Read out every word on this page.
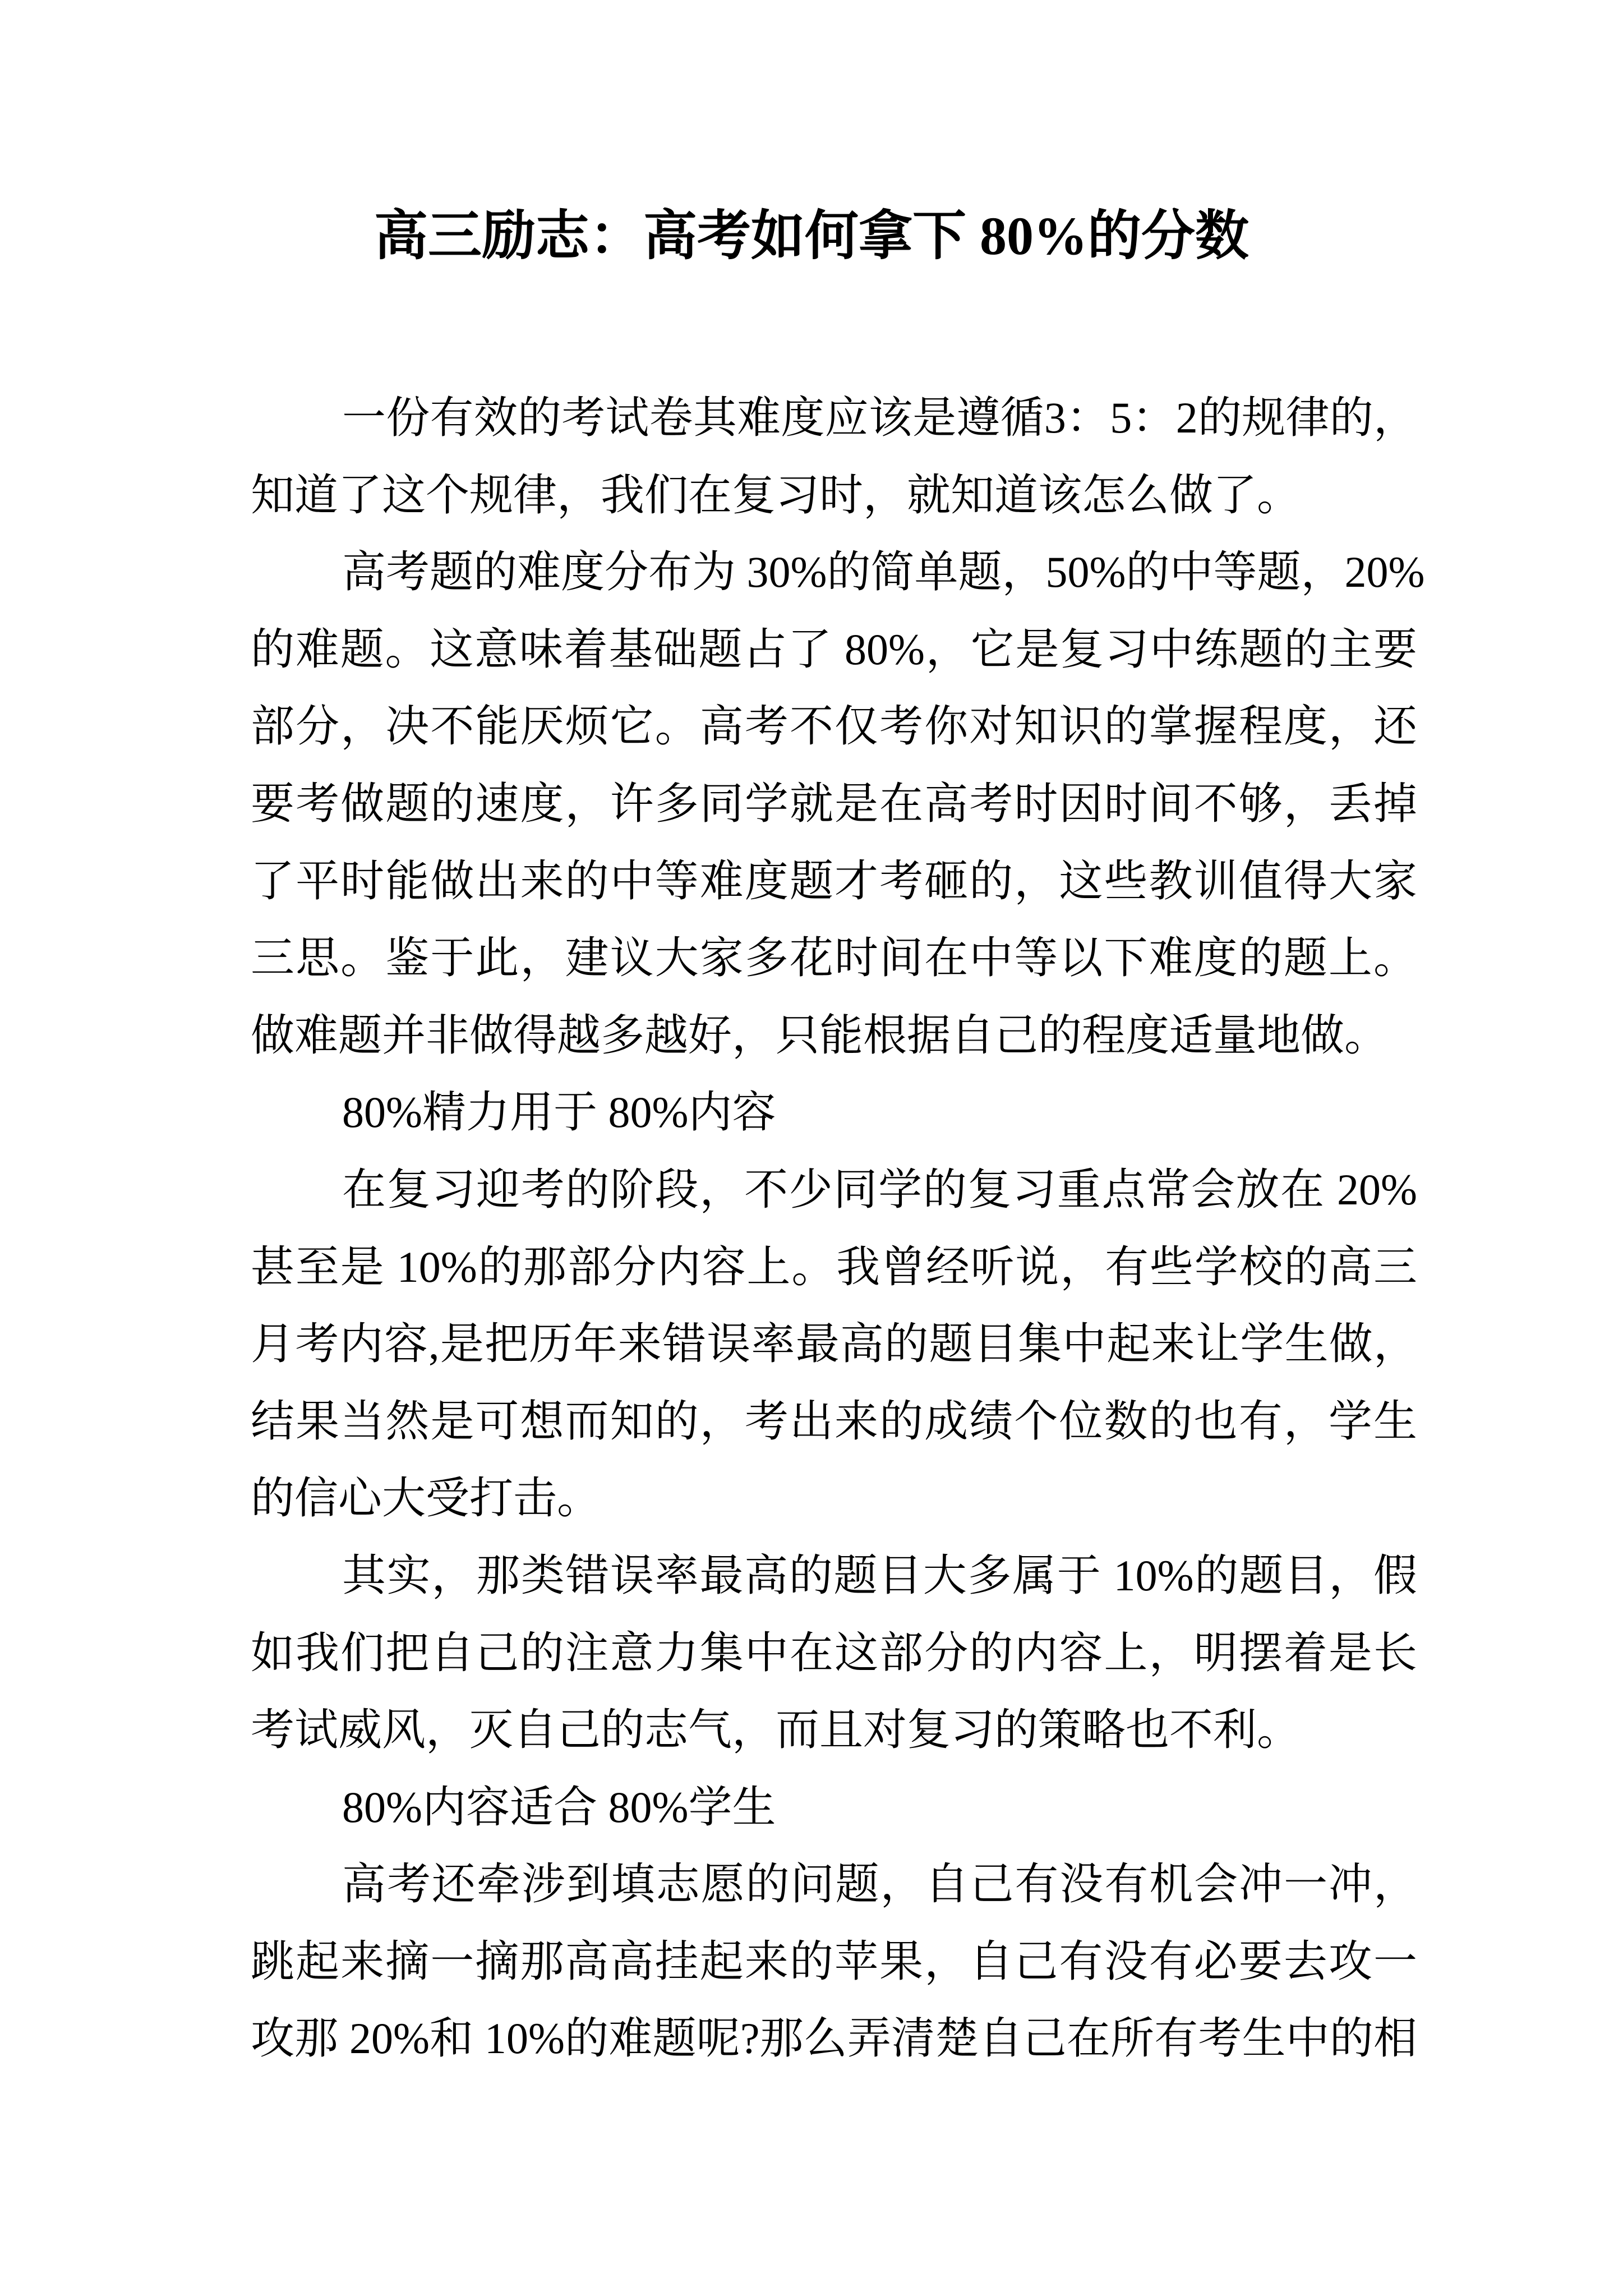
高三励志：高考如何拿下 80%的分数
一份有效的考试卷其难度应该是遵循3：5：2的规律的，
知道了这个规律，我们在复习时，就知道该怎么做了。
高考题的难度分布为 30%的简单题，50%的中等题，20%
的难题。这意味着基础题占了 80%，它是复习中练题的主要
部分，决不能厌烦它。高考不仅考你对知识的掌握程度，还
要考做题的速度，许多同学就是在高考时因时间不够，丢掉
了平时能做出来的中等难度题才考砸的，这些教训值得大家
三思。鉴于此，建议大家多花时间在中等以下难度的题上。
做难题并非做得越多越好，只能根据自己的程度适量地做。
80%精力用于 80%内容
在复习迎考的阶段，不少同学的复习重点常会放在 20%
甚至是 10%的那部分内容上。我曾经听说，有些学校的高三
月考内容,是把历年来错误率最高的题目集中起来让学生做，
结果当然是可想而知的，考出来的成绩个位数的也有，学生
的信心大受打击。
其实，那类错误率最高的题目大多属于 10%的题目，假
如我们把自己的注意力集中在这部分的内容上，明摆着是长
考试威风，灭自己的志气，而且对复习的策略也不利。
80%内容适合 80%学生
高考还牵涉到填志愿的问题，自己有没有机会冲一冲，
跳起来摘一摘那高高挂起来的苹果，自己有没有必要去攻一
攻那 20%和 10%的难题呢?那么弄清楚自己在所有考生中的相
